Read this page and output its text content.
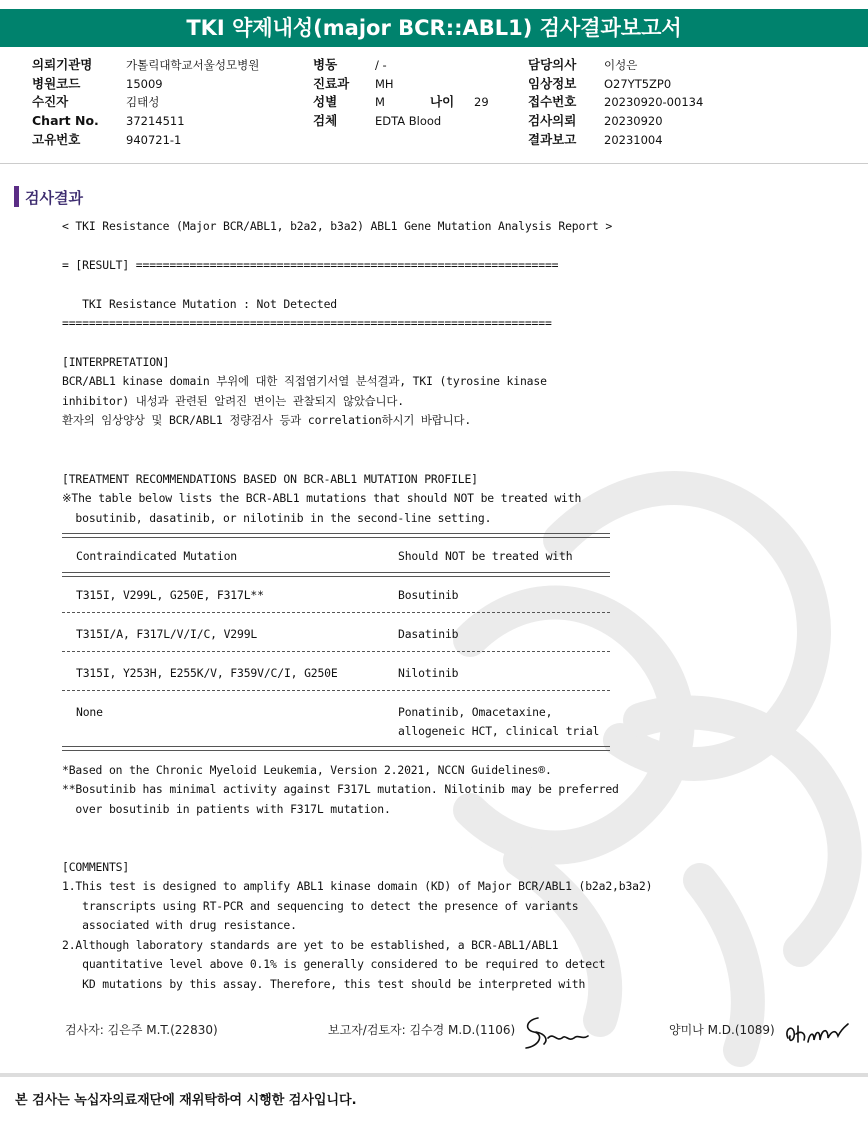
TKI 약제내성(major BCR::ABL1) 검사결과보고서
의뢰기관명	가톨릭대학교서울성모병원
병원코드	15009
수진자	김태성
Chart No. 37214511
고유번호	940721-1
병동	/ -
진료과 MH
성별	M	나이 29
검체	EDTA Blood
담당의사 이성은
임상정보 O27YT5ZP0
접수번호 20230920-00134
검사의뢰 20230920
결과보고 20231004
검사결과
< TKI Resistance (Major BCR/ABL1, b2a2, b3a2) ABL1 Gene Mutation Analysis Report >
= [RESULT] ===============================================================
TKI Resistance Mutation : Not Detected
=========================================================================
[INTERPRETATION]
BCR/ABL1 kinase domain 부위에 대한 직접염기서열 분석결과, TKI (tyrosine kinase
inhibitor) 내성과 관련된 알려진 변이는 관찰되지 않았습니다.
환자의 임상양상 및 BCR/ABL1 정량검사 등과 correlation하시기 바랍니다.
[TREATMENT RECOMMENDATIONS BASED ON BCR-ABL1 MUTATION PROFILE]
※The table below lists the BCR-ABL1 mutations that should NOT be treated with
bosutinib, dasatinib, or nilotinib in the second-line setting.
Contraindicated Mutation	Should NOT be treated with
T315I, V299L, G250E, F317L**	Bosutinib
T315I/A, F317L/V/I/C, V299L	Dasatinib
T315I, Y253H, E255K/V, F359V/C/I, G250E	Nilotinib
None	Ponatinib, Omacetaxine,
allogeneic HCT, clinical trial
*Based on the Chronic Myeloid Leukemia, Version 2.2021, NCCN Guidelines®.
**Bosutinib has minimal activity against F317L mutation. Nilotinib may be preferred
over bosutinib in patients with F317L mutation.
[COMMENTS]
1.This test is designed to amplify ABL1 kinase domain (KD) of Major BCR/ABL1 (b2a2,b3a2)
transcripts using RT-PCR and sequencing to detect the presence of variants
associated with drug resistance.
2.Although laboratory standards are yet to be established, a BCR-ABL1/ABL1
quantitative level above 0.1% is generally considered to be required to detect
KD mutations by this assay. Therefore, this test should be interpreted with
검사자: 김은주 M.T.(22830)	보고자/검토자: 김수경 M.D.(1106)	양미나 M.D.(1089)
본 검사는 녹십자의료재단에 재위탁하여 시행한 검사입니다.
